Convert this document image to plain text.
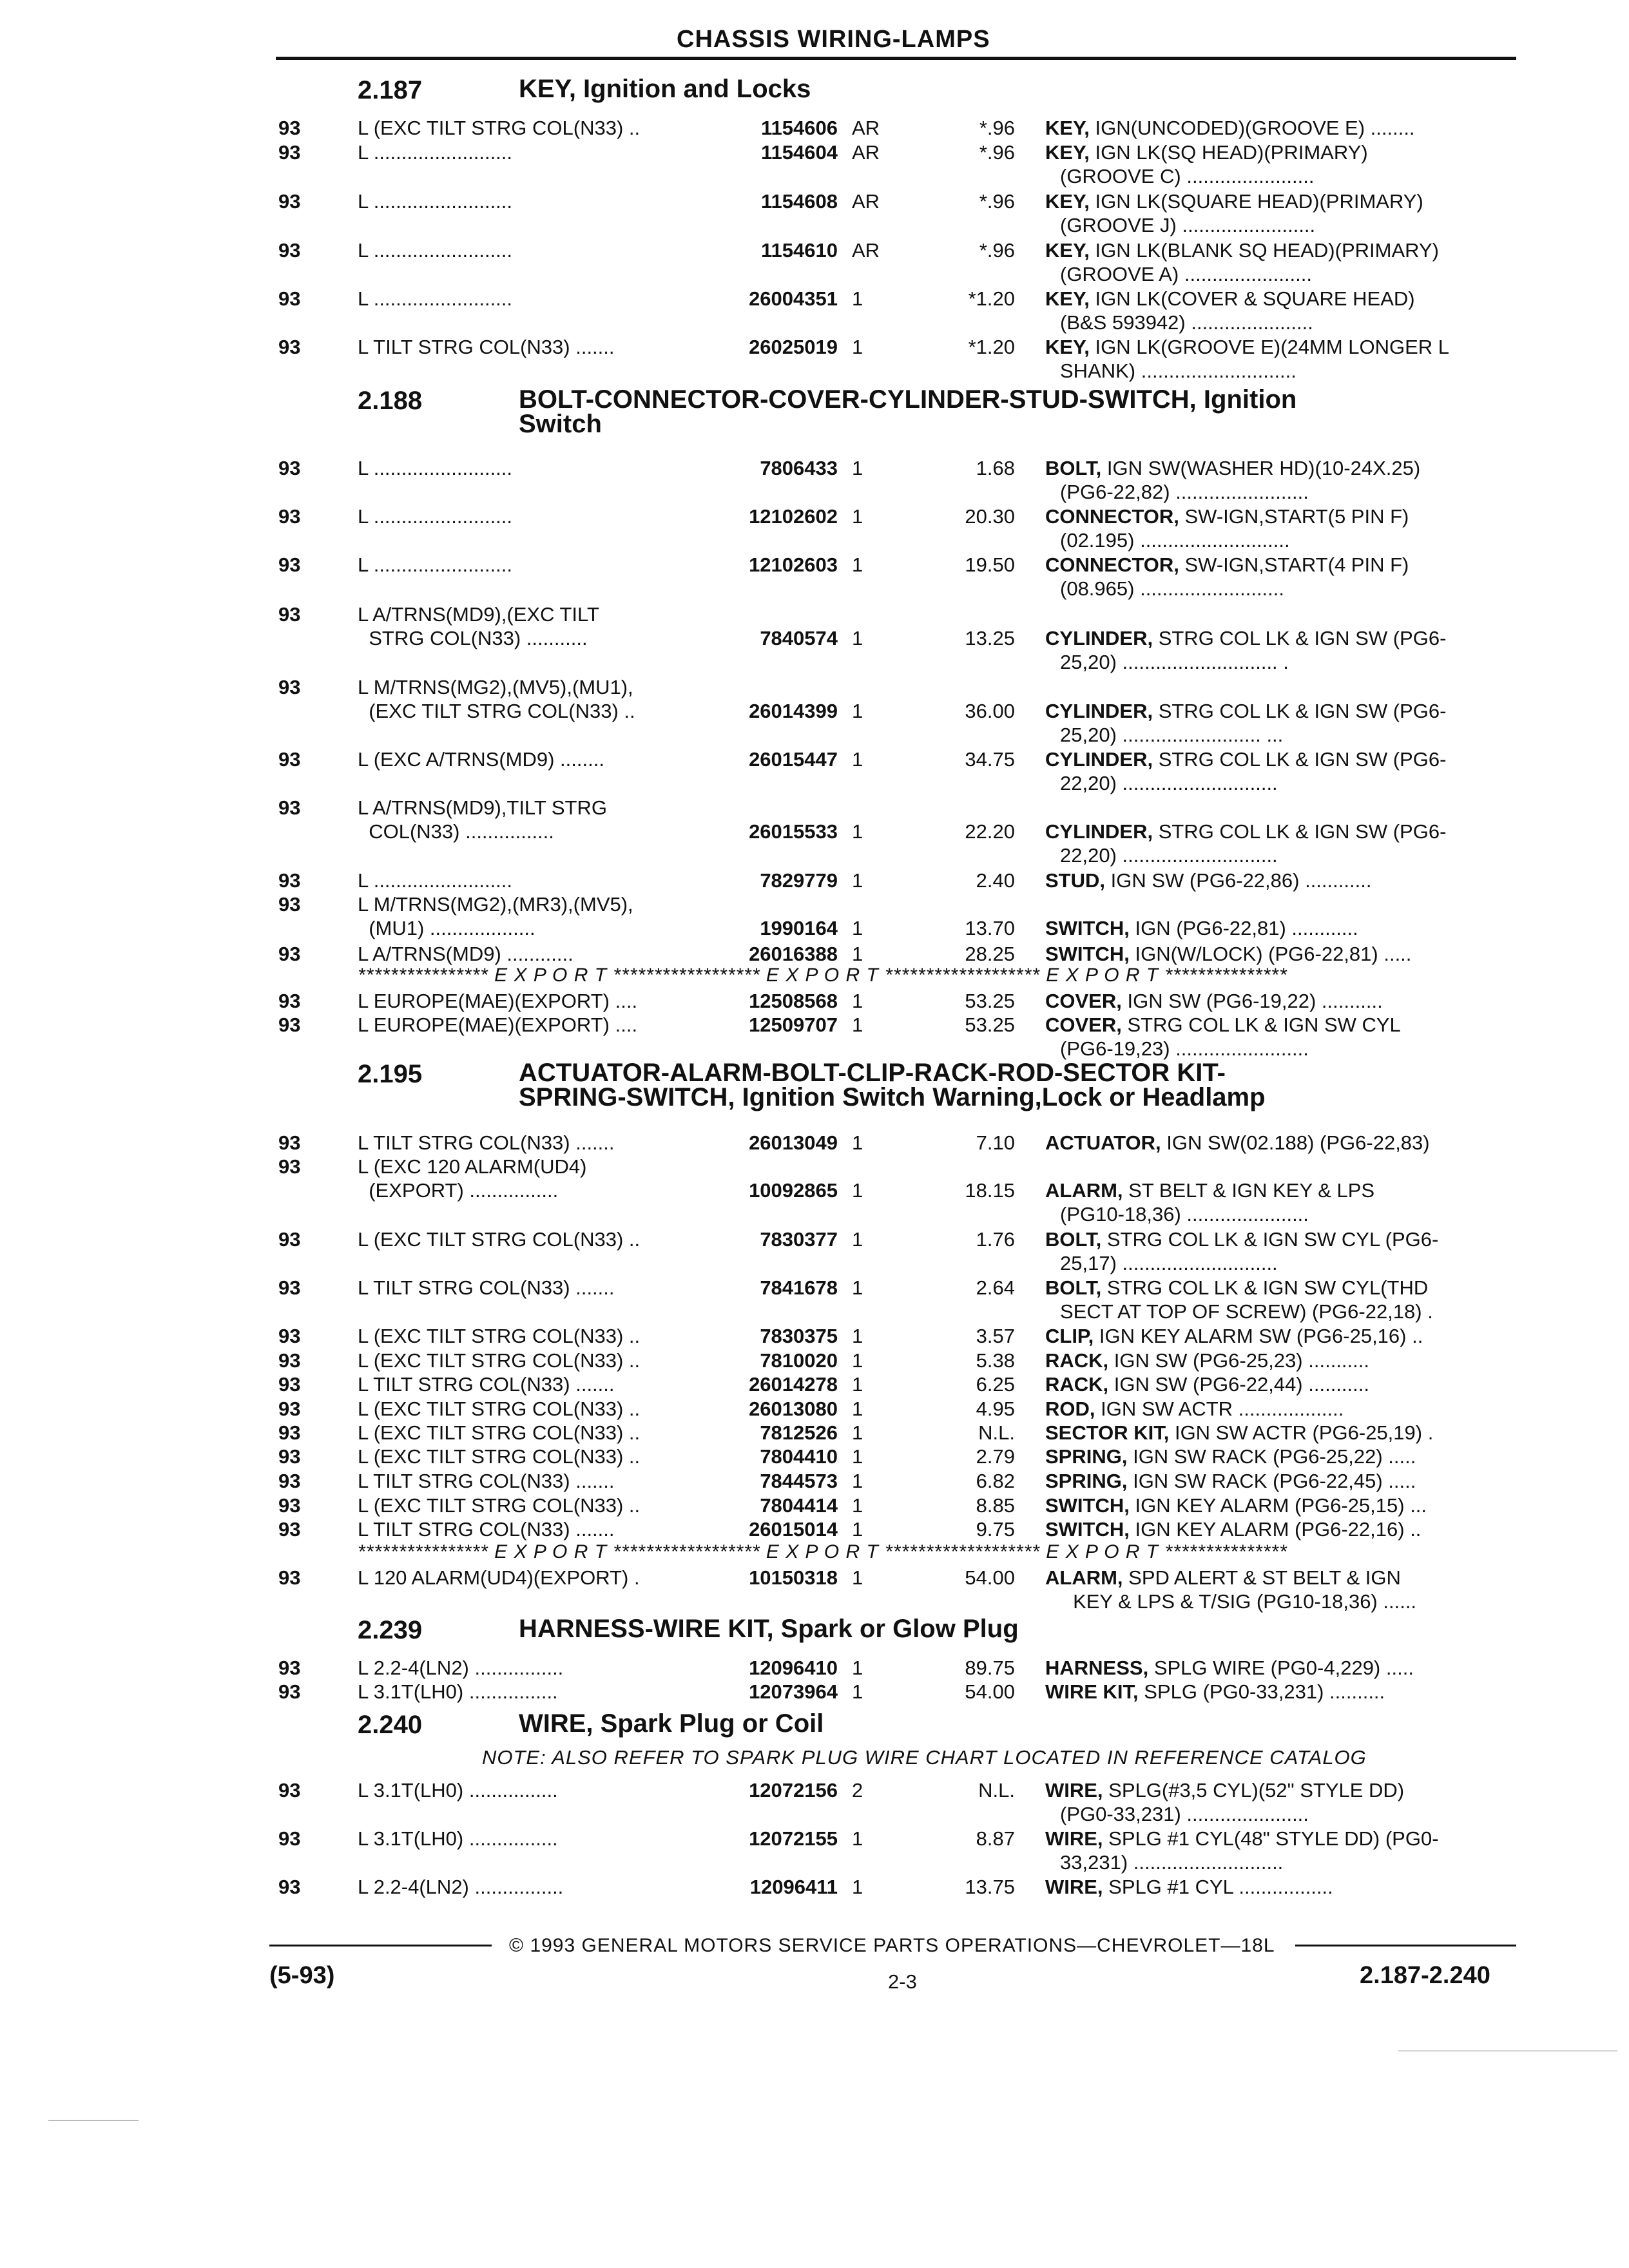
CHASSIS WIRING-LAMPS
2.187	KEY, Ignition and Locks
93	L (EXC TILT STRG COL(N33) ..	1154606 AR	*.96 KEY, IGN(UNCODED)(GROOVE E) ........
93	L .........................	1154604 AR	*.96 KEY, IGN LK(SQ HEAD)(PRIMARY)
(GROOVE C) .......................
93	L .........................	1154608 AR	*.96 KEY, IGN LK(SQUARE HEAD)(PRIMARY)
(GROOVE J) ........................
93	L .........................	1154610 AR	*.96 KEY, IGN LK(BLANK SQ HEAD)(PRIMARY)
(GROOVE A) .......................
93	L .........................	26004351 1	*1.20 KEY, IGN LK(COVER & SQUARE HEAD)
(B&S 593942) ......................
93	L TILT STRG COL(N33) .......	26025019 1	*1.20 KEY, IGN LK(GROOVE E)(24MM LONGER L
SHANK) ............................
2.188	BOLT-CONNECTOR-COVER-CYLINDER-STUD-SWITCH, Ignition
Switch
93	L .........................	7806433 1	1.68 BOLT, IGN SW(WASHER HD)(10-24X.25)
(PG6-22,82) ........................
93	L .........................	12102602 1	20.30 CONNECTOR, SW-IGN,START(5 PIN F)
(02.195) ...........................
93	L .........................	12102603 1	19.50 CONNECTOR, SW-IGN,START(4 PIN F)
(08.965) ..........................
93	L A/TRNS(MD9),(EXC TILT
STRG COL(N33) ...........	7840574 1	13.25 CYLINDER, STRG COL LK & IGN SW (PG6-
25,20) ............................ .
93	L M/TRNS(MG2),(MV5),(MU1),
(EXC TILT STRG COL(N33) ..	26014399 1	36.00 CYLINDER, STRG COL LK & IGN SW (PG6-
25,20) ......................... ...
93	L (EXC A/TRNS(MD9) ........	26015447 1	34.75 CYLINDER, STRG COL LK & IGN SW (PG6-
22,20) ............................
93	L A/TRNS(MD9),TILT STRG
COL(N33) ................	26015533 1	22.20 CYLINDER, STRG COL LK & IGN SW (PG6-
22,20) ............................
93	L .........................	7829779 1	2.40 STUD, IGN SW (PG6-22,86) ............
93	L M/TRNS(MG2),(MR3),(MV5),
(MU1) ...................	1990164 1	13.70 SWITCH, IGN (PG6-22,81) ............
93	L A/TRNS(MD9) ............	26016388 1	28.25 SWITCH, IGN(W/LOCK) (PG6-22,81) .....
**************** E X P O R T ****************** E X P O R T ******************* E X P O R T ***************
93	L EUROPE(MAE)(EXPORT) ....	12508568 1	53.25 COVER, IGN SW (PG6-19,22) ...........
93	L EUROPE(MAE)(EXPORT) ....	12509707 1	53.25 COVER, STRG COL LK & IGN SW CYL
(PG6-19,23) ........................
2.195	ACTUATOR-ALARM-BOLT-CLIP-RACK-ROD-SECTOR KIT-
SPRING-SWITCH, Ignition Switch Warning,Lock or Headlamp
93	L TILT STRG COL(N33) .......	26013049 1	7.10 ACTUATOR, IGN SW(02.188) (PG6-22,83)
93	L (EXC 120 ALARM(UD4)
(EXPORT) ................	10092865 1	18.15 ALARM, ST BELT & IGN KEY & LPS
(PG10-18,36) ......................
93	L (EXC TILT STRG COL(N33) ..	7830377 1	1.76 BOLT, STRG COL LK & IGN SW CYL (PG6-
25,17) ............................
93	L TILT STRG COL(N33) .......	7841678 1	2.64 BOLT, STRG COL LK & IGN SW CYL(THD
SECT AT TOP OF SCREW) (PG6-22,18) .
93	L (EXC TILT STRG COL(N33) ..	7830375 1	3.57 CLIP, IGN KEY ALARM SW (PG6-25,16) ..
93	L (EXC TILT STRG COL(N33) ..	7810020 1	5.38 RACK, IGN SW (PG6-25,23) ...........
93	L TILT STRG COL(N33) .......	26014278 1	6.25 RACK, IGN SW (PG6-22,44) ...........
93	L (EXC TILT STRG COL(N33) ..	26013080 1	4.95 ROD, IGN SW ACTR ...................
93	L (EXC TILT STRG COL(N33) ..	7812526 1	N.L. SECTOR KIT, IGN SW ACTR (PG6-25,19) .
93	L (EXC TILT STRG COL(N33) ..	7804410 1	2.79 SPRING, IGN SW RACK (PG6-25,22) .....
93	L TILT STRG COL(N33) .......	7844573 1	6.82 SPRING, IGN SW RACK (PG6-22,45) .....
93	L (EXC TILT STRG COL(N33) ..	7804414 1	8.85 SWITCH, IGN KEY ALARM (PG6-25,15) ...
93	L TILT STRG COL(N33) .......	26015014 1	9.75 SWITCH, IGN KEY ALARM (PG6-22,16) ..
**************** E X P O R T ****************** E X P O R T ******************* E X P O R T ***************
93	L 120 ALARM(UD4)(EXPORT) .	10150318 1	54.00 ALARM, SPD ALERT & ST BELT & IGN
KEY & LPS & T/SIG (PG10-18,36) ......
2.239	HARNESS-WIRE KIT, Spark or Glow Plug
93	L 2.2-4(LN2) ................	12096410 1	89.75 HARNESS, SPLG WIRE (PG0-4,229) .....
93	L 3.1T(LH0) ................	12073964 1	54.00 WIRE KIT, SPLG (PG0-33,231) ..........
2.240	WIRE, Spark Plug or Coil
NOTE: ALSO REFER TO SPARK PLUG WIRE CHART LOCATED IN REFERENCE CATALOG
93	L 3.1T(LH0) ................	12072156 2	N.L. WIRE, SPLG(#3,5 CYL)(52" STYLE DD)
(PG0-33,231) ......................
93	L 3.1T(LH0) ................	12072155 1	8.87 WIRE, SPLG #1 CYL(48" STYLE DD) (PG0-
33,231) ...........................
93	L 2.2-4(LN2) ................	12096411 1	13.75 WIRE, SPLG #1 CYL .................
© 1993 GENERAL MOTORS SERVICE PARTS OPERATIONS—CHEVROLET—18L
(5-93)	2-3	2.187-2.240
